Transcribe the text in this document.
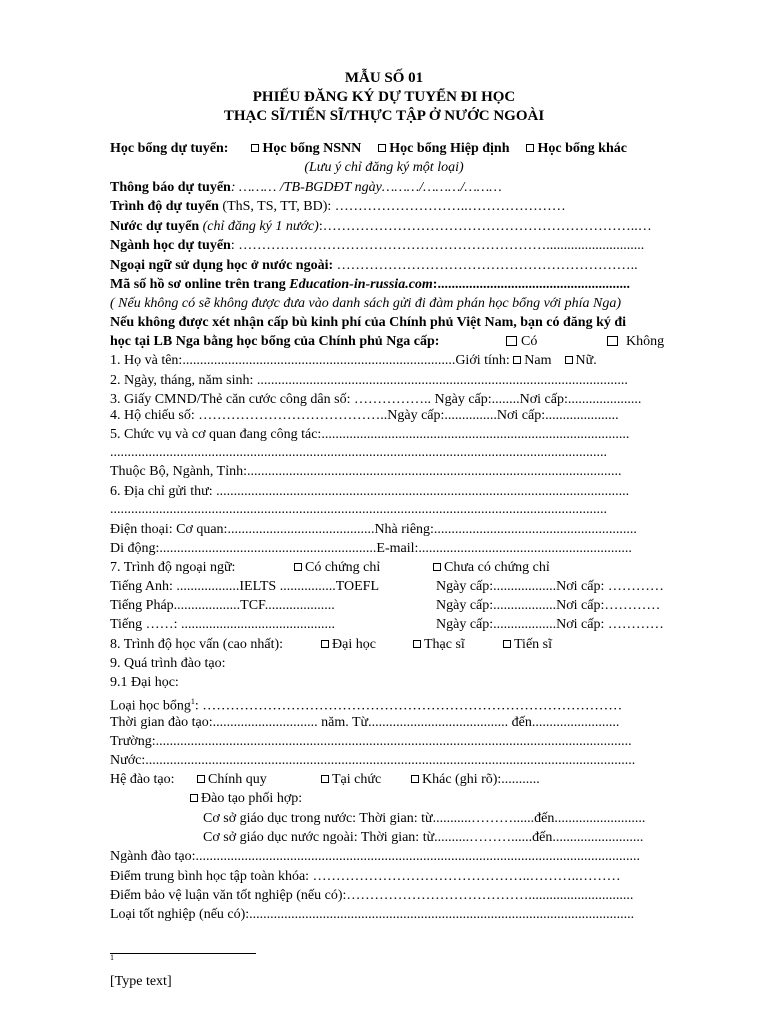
MẪU SỐ 01
PHIẾU ĐĂNG KÝ DỰ TUYỂN ĐI HỌC
THẠC SĨ/TIẾN SĨ/THỰC TẬP Ở NƯỚC NGOÀI
Học bổng dự tuyển: Học bổng NSNN Học bổng Hiệp định Học bổng khác
(Lưu ý chỉ đăng ký một loại)
Thông báo dự tuyển: ……… /TB-BGDĐT ngày………/………/………
Trình độ dự tuyển (ThS, TS, TT, BD): ………………………..…………………
Nước dự tuyển (chỉ đăng ký 1 nước):…………………………………………………………..…
Ngành học dự tuyển: …………………………………………………………............................
Ngoại ngữ sử dụng học ở nước ngoài: ………………………………………………………..
Mã số hồ sơ online trên trang Education-in-russia.com:.......................................................
( Nếu không có sẽ không được đưa vào danh sách gửi đi đàm phán học bổng với phía Nga)
Nếu không được xét nhận cấp bù kinh phí của Chính phủ Việt Nam, bạn có đăng ký đi
học tại LB Nga bằng học bổng của Chính phủ Nga cấp:	Có	Không
1. Họ và tên:..............................................................................Giới tính: Nam Nữ.
2. Ngày, tháng, năm sinh: ..........................................................................................................
3. Giấy CMND/Thẻ căn cước công dân số: …………….. Ngày cấp:........Nơi cấp:.....................
4. Hộ chiếu số: …………………………………..Ngày cấp:...............Nơi cấp:.....................
5. Chức vụ và cơ quan đang công tác:........................................................................................
..............................................................................................................................................
Thuộc Bộ, Ngành, Tỉnh:...........................................................................................................
6. Địa chỉ gửi thư: ......................................................................................................................
..............................................................................................................................................
Điện thoại: Cơ quan:..........................................Nhà riêng:..........................................................
Di động:..............................................................E-mail:.............................................................
7. Trình độ ngoại ngữ:	Có chứng chỉ	Chưa có chứng chỉ
Tiếng Anh: ..................IELTS ................TOEFL	Ngày cấp:..................Nơi cấp: …………
Tiếng Pháp...................TCF....................	Ngày cấp:..................Nơi cấp:…………
Tiếng ……: ............................................	Ngày cấp:..................Nơi cấp: …………
8. Trình độ học vấn (cao nhất):	Đại học	Thạc sĩ	Tiến sĩ
9. Quá trình đào tạo:
9.1 Đại học:
Loại học bổng$^1$: ………………………………………………………………………………
Thời gian đào tạo:.............................. năm. Từ........................................ đến.........................
Trường:........................................................................................................................................
Nước:............................................................................................................................................
Hệ đào tạo:	Chính quy	Tại chức	Khác (ghi rõ):...........
Đào tạo phối hợp:
Cơ sở giáo dục trong nước: Thời gian: từ...........………......đến..........................
Cơ sở giáo dục nước ngoài: Thời gian: từ..........………......đến..........................
Ngành đào tạo:...............................................................................................................................
Điểm trung bình học tập toàn khóa: ………………………………………..………..………
Điểm bảo vệ luận văn tốt nghiệp (nếu có):…………………………………..............................
Loại tốt nghiệp (nếu có):..............................................................................................................
1
[Type text]
